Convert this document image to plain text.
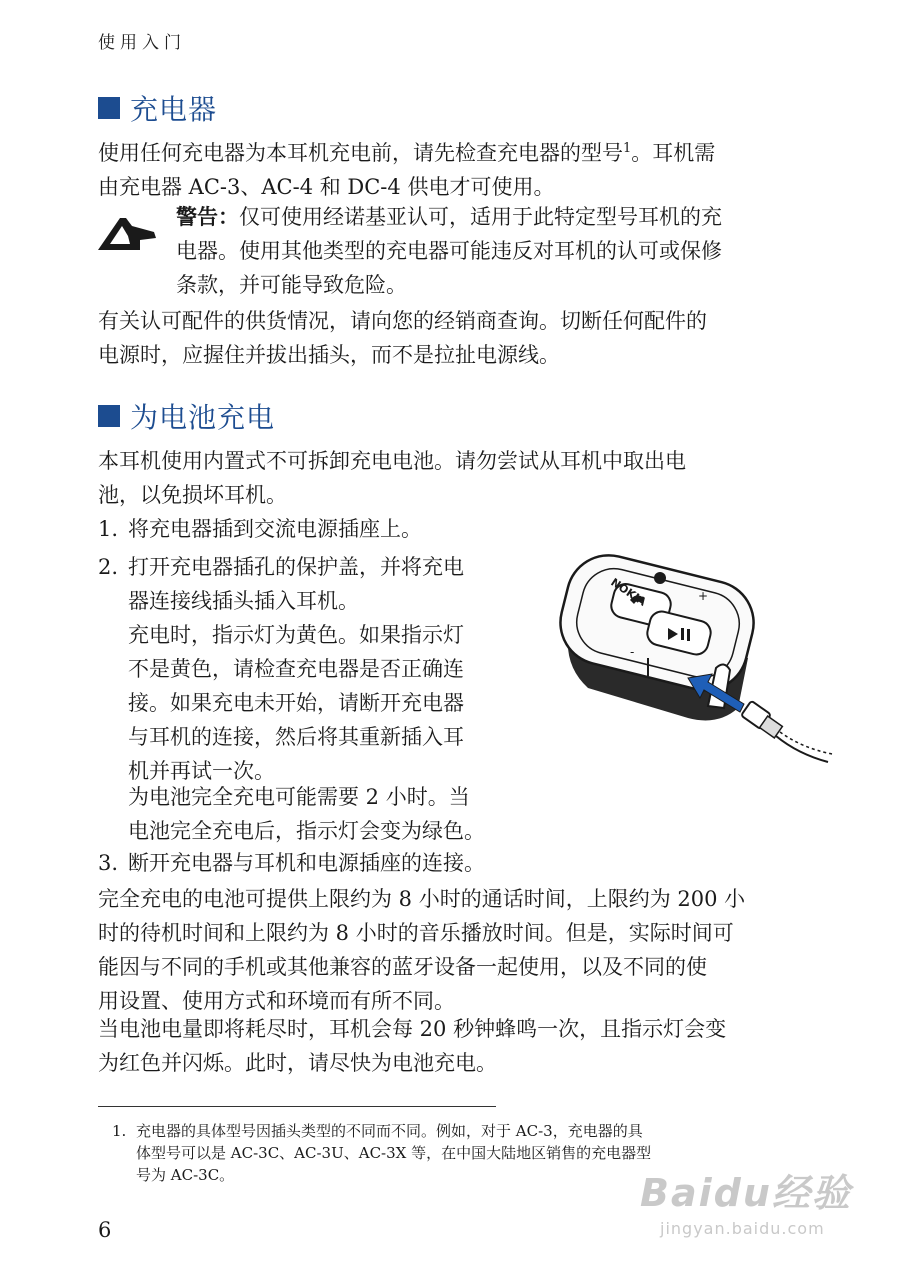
使用入门
充电器
使用任何充电器为本耳机充电前，请先检查充电器的型号$^1$。耳机需
由充电器 AC-3、AC-4 和 DC-4 供电才可使用。
警告：仅可使用经诺基亚认可，适用于此特定型号耳机的充
电器。使用其他类型的充电器可能违反对耳机的认可或保修
条款，并可能导致危险。
有关认可配件的供货情况，请向您的经销商查询。切断任何配件的
电源时，应握住并拔出插头，而不是拉扯电源线。
为电池充电
本耳机使用内置式不可拆卸充电电池。请勿尝试从耳机中取出电
池，以免损坏耳机。
1. 将充电器插到交流电源插座上。
2. 打开充电器插孔的保护盖，并将充电
器连接线插头插入耳机。
充电时，指示灯为黄色。如果指示灯
不是黄色，请检查充电器是否正确连
接。如果充电未开始，请断开充电器
与耳机的连接，然后将其重新插入耳
机并再试一次。
为电池完全充电可能需要 2 小时。当
电池完全充电后，指示灯会变为绿色。
NOKIA	+
-
3. 断开充电器与耳机和电源插座的连接。
完全充电的电池可提供上限约为 8 小时的通话时间，上限约为 200 小
时的待机时间和上限约为 8 小时的音乐播放时间。但是，实际时间可
能因与不同的手机或其他兼容的蓝牙设备一起使用，以及不同的使
用设置、使用方式和环境而有所不同。
当电池电量即将耗尽时，耳机会每 20 秒钟蜂鸣一次，且指示灯会变
为红色并闪烁。此时，请尽快为电池充电。
1. 充电器的具体型号因插头类型的不同而不同。例如，对于 AC-3，充电器的具
体型号可以是 AC-3C、AC-3U、AC-3X 等，在中国大陆地区销售的充电器型
号为 AC-3C。
6
Baidu经验
jingyan.baidu.com
